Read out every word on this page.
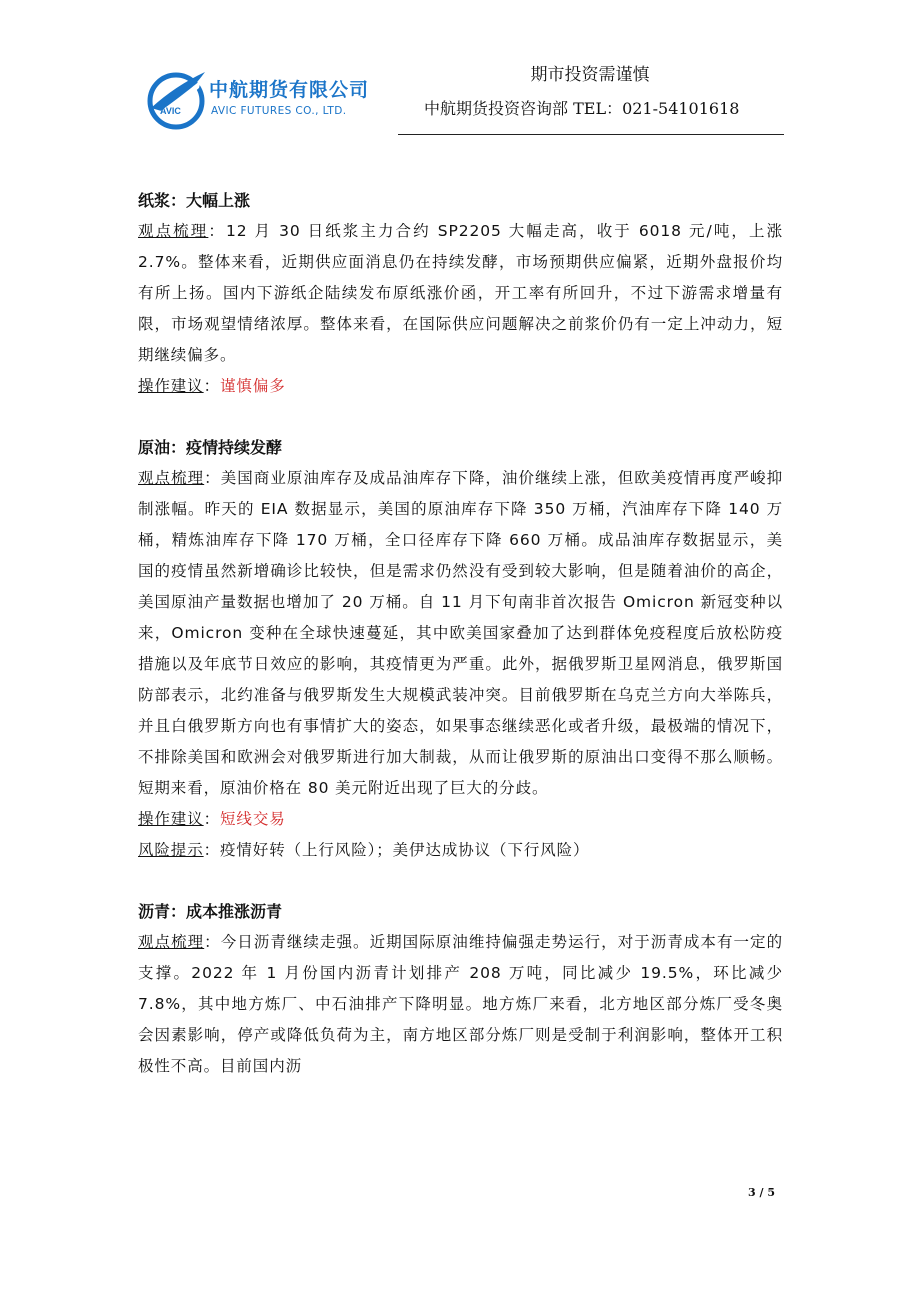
AVIC
中航期货有限公司
AVIC FUTURES CO., LTD.
期市投资需谨慎
中航期货投资咨询部 TEL：021-54101618

纸浆：大幅上涨

观点梳理：12 月 30 日纸浆主力合约 SP2205 大幅走高，收于 6018 元/吨，上涨 2.7%。整体来看，近期供应面消息仍在持续发酵，市场预期供应偏紧，近期外盘报价均有所上扬。国内下游纸企陆续发布原纸涨价函，开工率有所回升，不过下游需求增量有限，市场观望情绪浓厚。整体来看，在国际供应问题解决之前浆价仍有一定上冲动力，短期继续偏多。

操作建议：谨慎偏多

原油：疫情持续发酵

观点梳理：美国商业原油库存及成品油库存下降，油价继续上涨，但欧美疫情再度严峻抑制涨幅。昨天的 EIA 数据显示，美国的原油库存下降 350 万桶，汽油库存下降 140 万桶，精炼油库存下降 170 万桶，全口径库存下降 660 万桶。成品油库存数据显示，美国的疫情虽然新增确诊比较快，但是需求仍然没有受到较大影响，但是随着油价的高企，美国原油产量数据也增加了 20 万桶。自 11 月下旬南非首次报告 Omicron 新冠变种以来，Omicron 变种在全球快速蔓延，其中欧美国家叠加了达到群体免疫程度后放松防疫措施以及年底节日效应的影响，其疫情更为严重。此外，据俄罗斯卫星网消息，俄罗斯国防部表示，北约准备与俄罗斯发生大规模武装冲突。目前俄罗斯在乌克兰方向大举陈兵，并且白俄罗斯方向也有事情扩大的姿态，如果事态继续恶化或者升级，最极端的情况下，不排除美国和欧洲会对俄罗斯进行加大制裁，从而让俄罗斯的原油出口变得不那么顺畅。短期来看，原油价格在 80 美元附近出现了巨大的分歧。

操作建议：短线交易

风险提示：疫情好转（上行风险）；美伊达成协议（下行风险）

沥青：成本推涨沥青

观点梳理：今日沥青继续走强。近期国际原油维持偏强走势运行，对于沥青成本有一定的支撑。2022 年 1 月份国内沥青计划排产 208 万吨，同比减少 19.5%，环比减少 7.8%，其中地方炼厂、中石油排产下降明显。地方炼厂来看，北方地区部分炼厂受冬奥会因素影响，停产或降低负荷为主，南方地区部分炼厂则是受制于利润影响，整体开工积极性不高。目前国内沥

3 / 5
